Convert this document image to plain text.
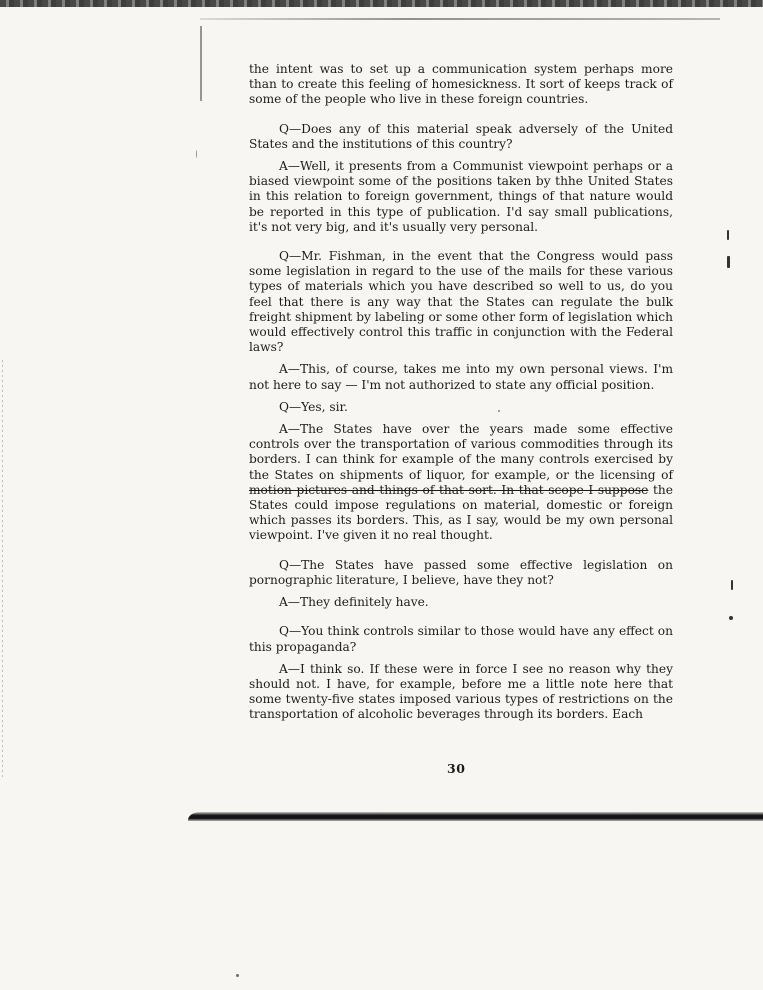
the intent was to set up a communication system perhaps more than to create this feeling of homesickness. It sort of keeps track of some of the people who live in these foreign countries.

Q—Does any of this material speak adversely of the United States and the institutions of this country?

A—Well, it presents from a Communist viewpoint perhaps or a biased viewpoint some of the positions taken by thhe United States in this relation to foreign government, things of that nature would be reported in this type of publication. I'd say small publications, it's not very big, and it's usually very personal.

Q—Mr. Fishman, in the event that the Congress would pass some legislation in regard to the use of the mails for these various types of materials which you have described so well to us, do you feel that there is any way that the States can regulate the bulk freight shipment by labeling or some other form of legislation which would effectively control this traffic in conjunction with the Federal laws?

A—This, of course, takes me into my own personal views. I'm not here to say — I'm not authorized to state any official position.

Q—Yes, sir.

A—The States have over the years made some effective controls over the transportation of various commodities through its borders. I can think for example of the many controls exercised by the States on shipments of liquor, for example, or the licensing of motion pictures and things of that sort. In that scope I suppose the States could impose regulations on material, domestic or foreign which passes its borders. This, as I say, would be my own personal viewpoint. I've given it no real thought.

Q—The States have passed some effective legislation on pornographic literature, I believe, have they not?

A—They definitely have.

Q—You think controls similar to those would have any effect on this propaganda?

A—I think so. If these were in force I see no reason why they should not. I have, for example, before me a little note here that some twenty-five states imposed various types of restrictions on the transportation of alcoholic beverages through its borders. Each

30
